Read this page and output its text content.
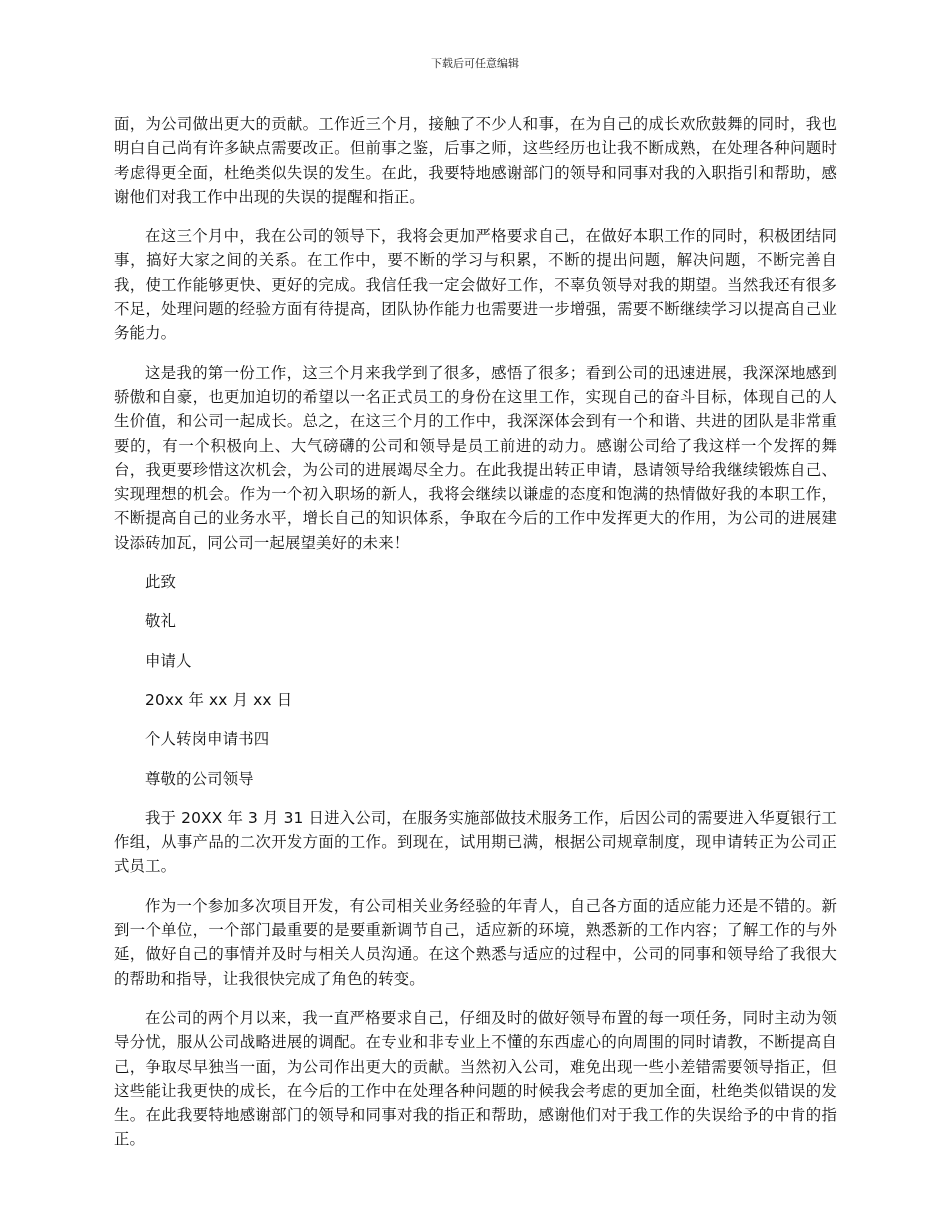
下载后可任意编辑

面，为公司做出更大的贡献。工作近三个月，接触了不少人和事，在为自己的成长欢欣鼓舞的同时，我也明白自己尚有许多缺点需要改正。但前事之鉴，后事之师，这些经历也让我不断成熟，在处理各种问题时考虑得更全面，杜绝类似失误的发生。在此，我要特地感谢部门的领导和同事对我的入职指引和帮助，感谢他们对我工作中出现的失误的提醒和指正。

在这三个月中，我在公司的领导下，我将会更加严格要求自己，在做好本职工作的同时，积极团结同事，搞好大家之间的关系。在工作中，要不断的学习与积累，不断的提出问题，解决问题，不断完善自我，使工作能够更快、更好的完成。我信任我一定会做好工作，不辜负领导对我的期望。当然我还有很多不足，处理问题的经验方面有待提高，团队协作能力也需要进一步增强，需要不断继续学习以提高自己业务能力。

这是我的第一份工作，这三个月来我学到了很多，感悟了很多；看到公司的迅速进展，我深深地感到骄傲和自豪，也更加迫切的希望以一名正式员工的身份在这里工作，实现自己的奋斗目标，体现自己的人生价值，和公司一起成长。总之，在这三个月的工作中，我深深体会到有一个和谐、共进的团队是非常重要的，有一个积极向上、大气磅礴的公司和领导是员工前进的动力。感谢公司给了我这样一个发挥的舞台，我更要珍惜这次机会，为公司的进展竭尽全力。在此我提出转正申请，恳请领导给我继续锻炼自己、实现理想的机会。作为一个初入职场的新人，我将会继续以谦虚的态度和饱满的热情做好我的本职工作，不断提高自己的业务水平，增长自己的知识体系，争取在今后的工作中发挥更大的作用，为公司的进展建设添砖加瓦，同公司一起展望美好的未来！

此致

敬礼

申请人

20xx 年 xx 月 xx 日

个人转岗申请书四

尊敬的公司领导

我于 20XX 年 3 月 31 日进入公司，在服务实施部做技术服务工作，后因公司的需要进入华夏银行工作组，从事产品的二次开发方面的工作。到现在，试用期已满，根据公司规章制度，现申请转正为公司正式员工。

作为一个参加多次项目开发，有公司相关业务经验的年青人，自己各方面的适应能力还是不错的。新到一个单位，一个部门最重要的是要重新调节自己，适应新的环境，熟悉新的工作内容；了解工作的与外延，做好自己的事情并及时与相关人员沟通。在这个熟悉与适应的过程中，公司的同事和领导给了我很大的帮助和指导，让我很快完成了角色的转变。

在公司的两个月以来，我一直严格要求自己，仔细及时的做好领导布置的每一项任务，同时主动为领导分忧，服从公司战略进展的调配。在专业和非专业上不懂的东西虚心的向周围的同时请教，不断提高自己，争取尽早独当一面，为公司作出更大的贡献。当然初入公司，难免出现一些小差错需要领导指正，但这些能让我更快的成长，在今后的工作中在处理各种问题的时候我会考虑的更加全面，杜绝类似错误的发生。在此我要特地感谢部门的领导和同事对我的指正和帮助，感谢他们对于我工作的失误给予的中肯的指正。
